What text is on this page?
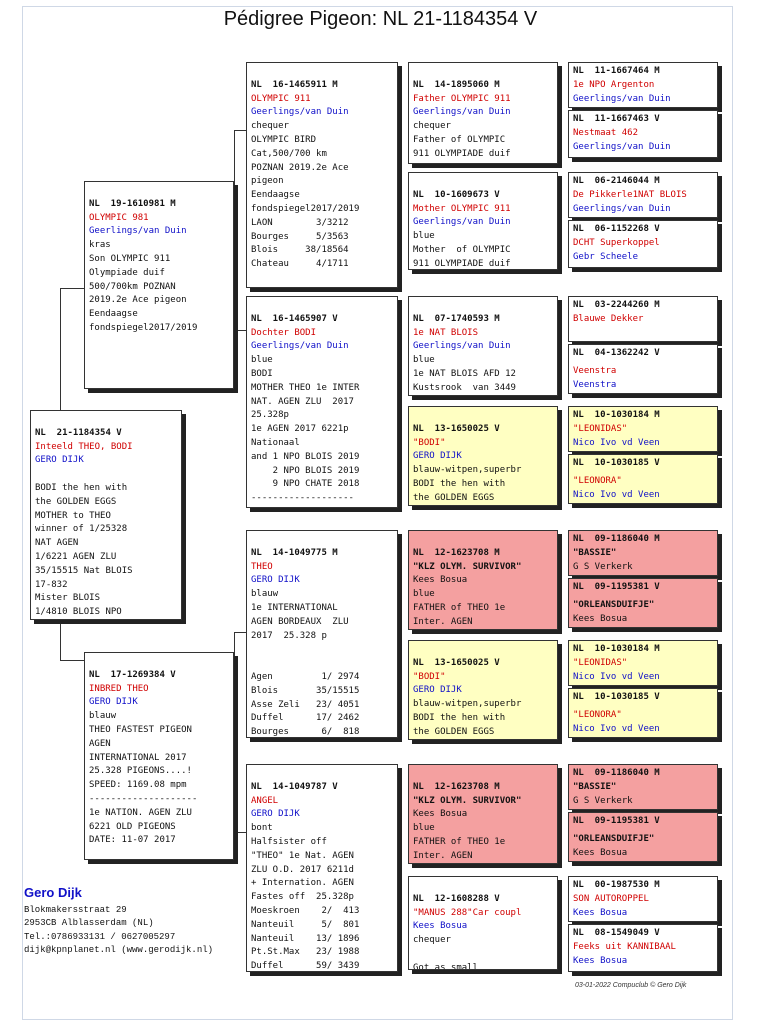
Pédigree Pigeon: NL 21-1184354 V

NL  21-1184354 V
Inteeld THEO, BODI
GERO DIJK

BODI the hen with
the GOLDEN EGGS
MOTHER to THEO
winner of 1/25328
NAT AGEN
1/6221 AGEN ZLU
35/15515 Nat BLOIS
17-832
Mister BLOIS
1/4810 BLOIS NPO

NL  19-1610981 M
OLYMPIC 981
Geerlings/van Duin
kras
Son OLYMPIC 911
Olympiade duif
500/700km POZNAN
2019.2e Ace pigeon
Eendaagse
fondspiegel2017/2019

NL  17-1269384 V
INBRED THEO
GERO DIJK
blauw
THEO FASTEST PIGEON
AGEN
INTERNATIONAL 2017
25.328 PIGEONS....!
SPEED: 1169.08 mpm
--------------------
1e NATION. AGEN ZLU
6221 OLD PIGEONS
DATE: 11-07 2017

NL  16-1465911 M
OLYMPIC 911
Geerlings/van Duin
chequer
OLYMPIC BIRD
Cat,500/700 km
POZNAN 2019.2e Ace
pigeon
Eendaagse
fondspiegel2017/2019
LAON        3/3212
Bourges     5/3563
Blois     38/18564
Chateau     4/1711

NL  16-1465907 V
Dochter BODI
Geerlings/van Duin
blue
BODI
MOTHER THEO 1e INTER
NAT. AGEN ZLU  2017
25.328p
1e AGEN 2017 6221p
Nationaal
and 1 NPO BLOIS 2019
2 NPO BLOIS 2019
9 NPO CHATE 2018
-------------------

NL  14-1049775 M
THEO
GERO DIJK
blauw
1e INTERNATIONAL
AGEN BORDEAUX  ZLU
2017  25.328 p

Agen         1/ 2974
Blois       35/15515
Asse Zeli   23/ 4051
Duffel      17/ 2462
Bourges      6/  818

NL  14-1049787 V
ANGEL
GERO DIJK
bont
Halfsister off
"THEO" 1e Nat. AGEN
ZLU O.D. 2017 6211d
+ Internation. AGEN
Fastes off  25.328p
Moeskroen    2/  413
Nanteuil     5/  801
Nanteuil    13/ 1896
Pt.St.Max   23/ 1988
Duffel      59/ 3439

NL  14-1895060 M
Father OLYMPIC 911
Geerlings/van Duin
chequer
Father of OLYMPIC
911 OLYMPIADE duif

NL  10-1609673 V
Mother OLYMPIC 911
Geerlings/van Duin
blue
Mother  of OLYMPIC
911 OLYMPIADE duif

NL  07-1740593 M
1e NAT BLOIS
Geerlings/van Duin
blue
1e NAT BLOIS AFD 12
Kustsrook  van 3449

NL  13-1650025 V
"BODI"
GERO DIJK
blauw-witpen,superbr
BODI the hen with
the GOLDEN EGGS

NL  12-1623708 M
"KLZ OLYM. SURVIVOR"
Kees Bosua
blue
FATHER of THEO 1e
Inter. AGEN

NL  13-1650025 V
"BODI"
GERO DIJK
blauw-witpen,superbr
BODI the hen with
the GOLDEN EGGS

NL  12-1623708 M
"KLZ OLYM. SURVIVOR"
Kees Bosua
blue
FATHER of THEO 1e
Inter. AGEN

NL  12-1608288 V
"MANUS 288"Car coupl
Kees Bosua
chequer

Got as small

NL  11-1667464 M
1e NPO Argenton
Geerlings/van Duin
NL  11-1667463 V
Nestmaat 462
Geerlings/van Duin
NL  06-2146044 M
De Pikkerle1NAT BLOIS
Geerlings/van Duin
NL  06-1152268 V
DCHT Superkoppel
Gebr Scheele
NL  03-2244260 M
Blauwe Dekker
NL  04-1362242 V
Veenstra
Veenstra
NL  10-1030184 M
"LEONIDAS"
Nico Ivo vd Veen
NL  10-1030185 V
"LEONORA"
Nico Ivo vd Veen
NL  09-1186040 M
"BASSIE"
G S Verkerk
NL  09-1195381 V
"ORLEANSDUIFJE"
Kees Bosua
NL  10-1030184 M
"LEONIDAS"
Nico Ivo vd Veen
NL  10-1030185 V
"LEONORA"
Nico Ivo vd Veen
NL  09-1186040 M
"BASSIE"
G S Verkerk
NL  09-1195381 V
"ORLEANSDUIFJE"
Kees Bosua
NL  00-1987530 M
SON AUTOROPPEL
Kees Bosua
NL  08-1549049 V
Feeks uit KANNIBAAL
Kees Bosua
Gero Dijk
Blokmakersstraat 29
2953CB Alblasserdam (NL)
Tel.:0786933131 / 0627005297
dijk@kpnplanet.nl (www.gerodijk.nl)
03-01-2022 Compuclub © Gero Dijk
